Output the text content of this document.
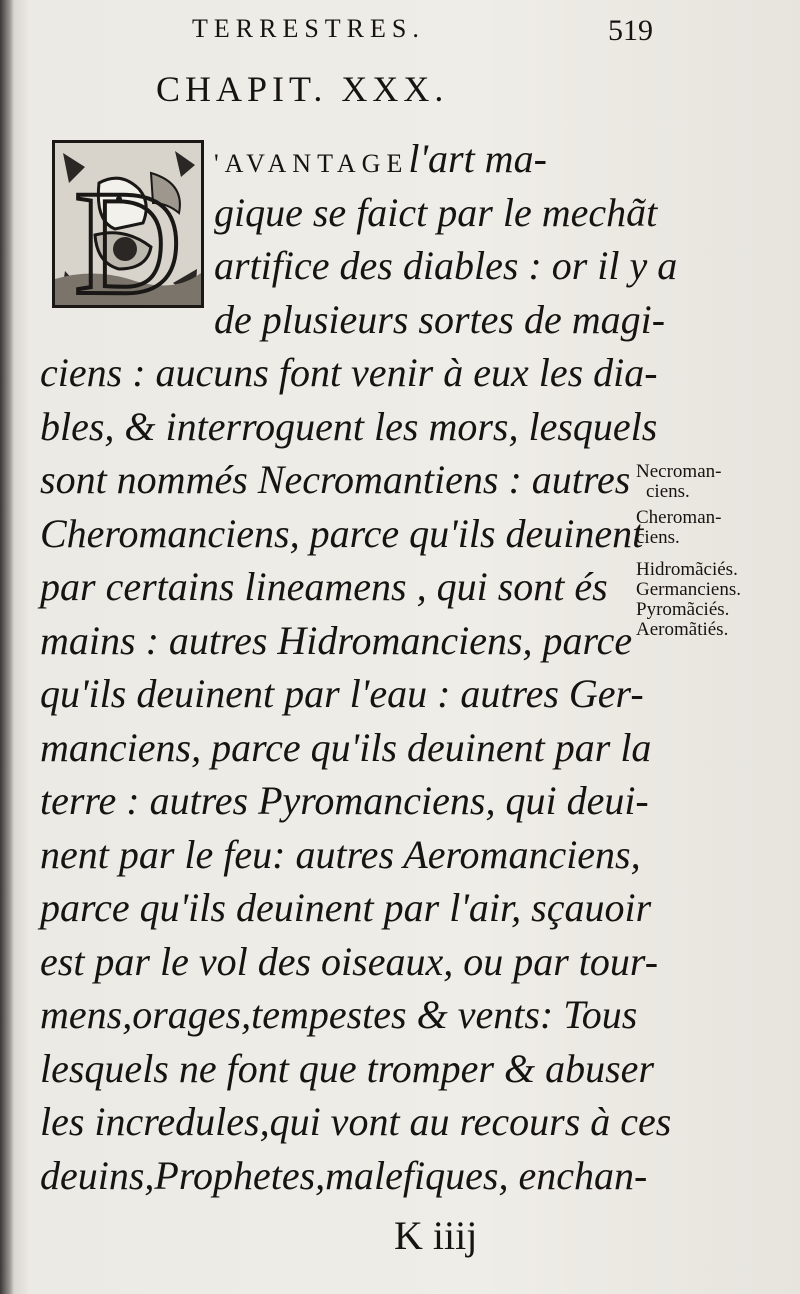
TERRESTRES.	519
CHAPIT. XXX.
D 'AVANTAGEl'art ma-
gique se faict par le mechãt
artifice des diables : or il y a
de plusieurs sortes de magi-
ciens : aucuns font venir à eux les dia-
bles, & interroguent les mors, lesquels
sont nommés Necromantiens : autres
Cheromanciens, parce qu'ils deuinent
par certains lineamens , qui sont és
mains : autres Hidromanciens, parce
qu'ils deuinent par l'eau : autres Ger-
manciens, parce qu'ils deuinent par la
terre : autres Pyromanciens, qui deui-
nent par le feu: autres Aeromanciens,
parce qu'ils deuinent par l'air, sçauoir
est par le vol des oiseaux, ou par tour-
mens,orages,tempestes & vents: Tous
lesquels ne font que tromper & abuser
les incredules,qui vont au recours à ces
deuins,Prophetes,malefiques, enchan-
Necroman-
ciens.
Cheroman-
ciens.
Hidromãciés.
Germanciens.
Pyromãciés.
Aeromãtiés.
K iiij
